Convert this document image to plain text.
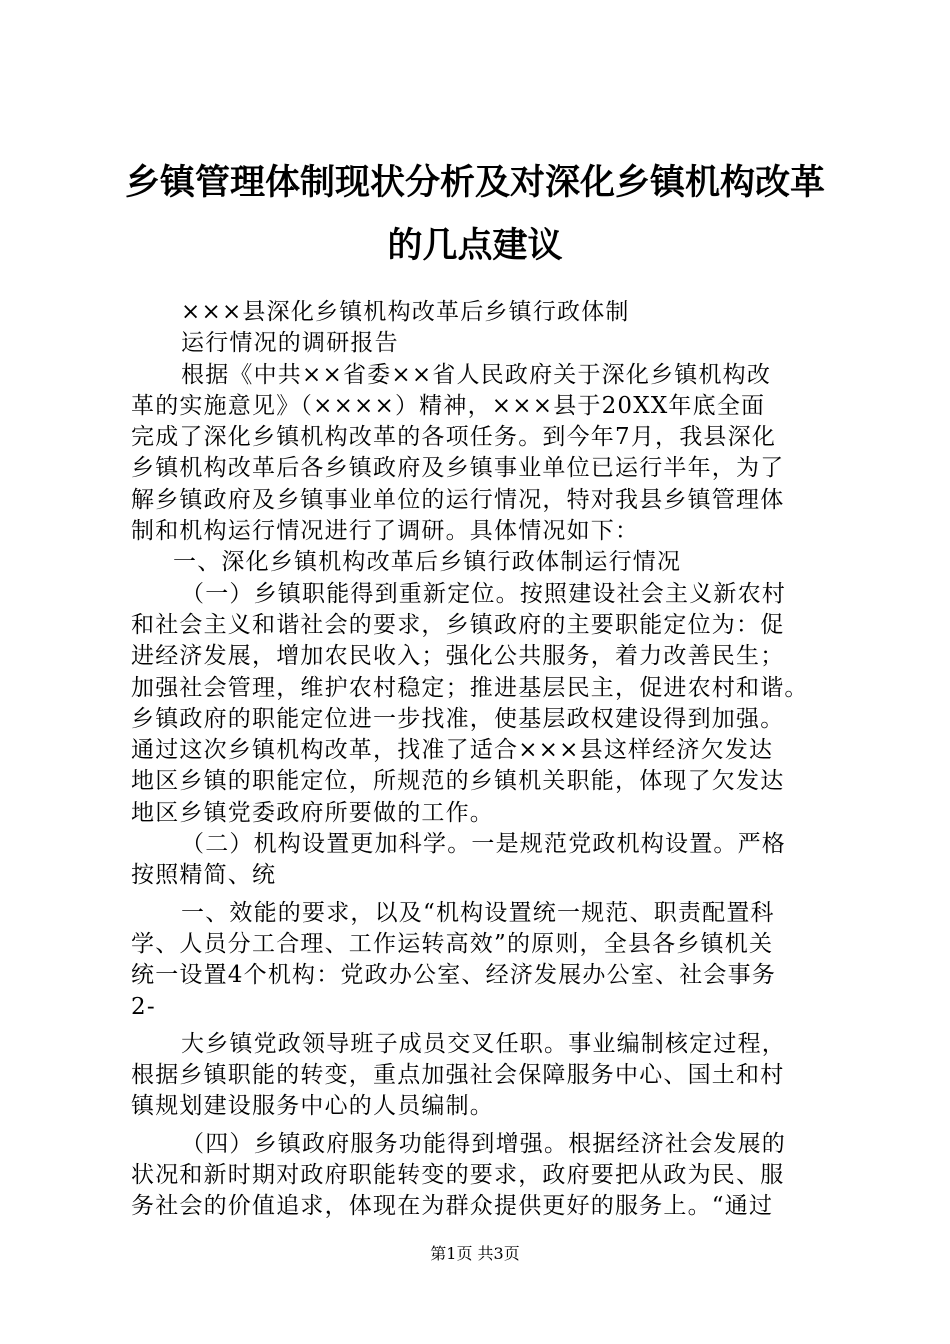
乡镇管理体制现状分析及对深化乡镇机构改革
的几点建议
×××县深化乡镇机构改革后乡镇行政体制
运行情况的调研报告
根据《中共××省委××省人民政府关于深化乡镇机构改
革的实施意见》（××××）精神，×××县于20XX年底全面
完成了深化乡镇机构改革的各项任务。到今年7月，我县深化
乡镇机构改革后各乡镇政府及乡镇事业单位已运行半年，为了
解乡镇政府及乡镇事业单位的运行情况，特对我县乡镇管理体
制和机构运行情况进行了调研。具体情况如下：
一、深化乡镇机构改革后乡镇行政体制运行情况
（一）乡镇职能得到重新定位。按照建设社会主义新农村
和社会主义和谐社会的要求，乡镇政府的主要职能定位为：促
进经济发展，增加农民收入；强化公共服务，着力改善民生；
加强社会管理，维护农村稳定；推进基层民主，促进农村和谐。
乡镇政府的职能定位进一步找准，使基层政权建设得到加强。
通过这次乡镇机构改革，找准了适合×××县这样经济欠发达
地区乡镇的职能定位，所规范的乡镇机关职能，体现了欠发达
地区乡镇党委政府所要做的工作。
（二）机构设置更加科学。一是规范党政机构设置。严格
按照精简、统
一、效能的要求，以及“机构设置统一规范、职责配置科
学、人员分工合理、工作运转高效”的原则，全县各乡镇机关
统一设置4个机构：党政办公室、经济发展办公室、社会事务
2-
大乡镇党政领导班子成员交叉任职。事业编制核定过程，
根据乡镇职能的转变，重点加强社会保障服务中心、国土和村
镇规划建设服务中心的人员编制。
（四）乡镇政府服务功能得到增强。根据经济社会发展的
状况和新时期对政府职能转变的要求，政府要把从政为民、服
务社会的价值追求，体现在为群众提供更好的服务上。“通过
第1页 共3页
